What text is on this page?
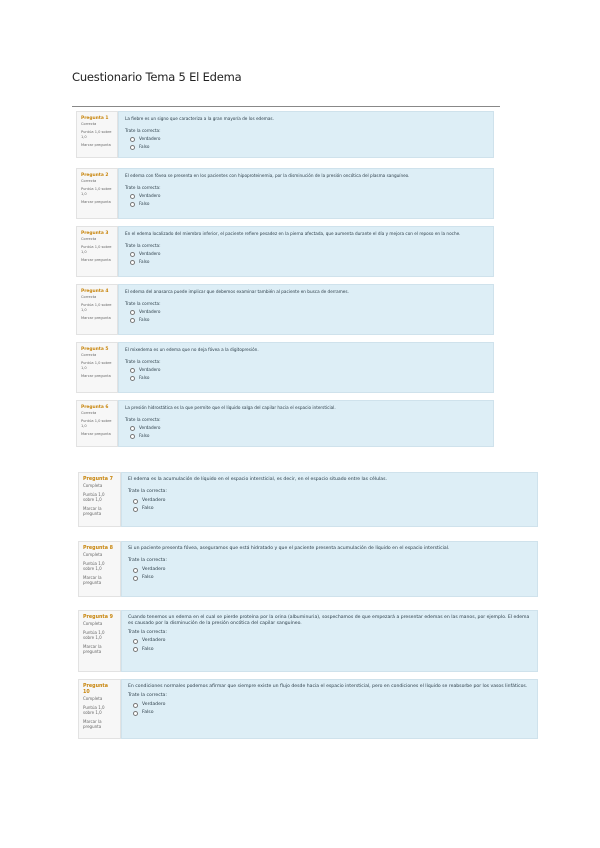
Cuestionario Tema 5 El Edema
Pregunta 1
Correcta
Puntúa 1,0 sobre 1,0
Marcar pregunta
La fiebre es un signo que caracteriza a la gran mayoría de los edemas.
Trate la correcta:
Verdadero
Falso
Pregunta 2
Correcta
Puntúa 1,0 sobre 1,0
Marcar pregunta
El edema con fóvea se presenta en los pacientes con hipoproteinemia, por la disminución de la presión oncótica del plasma sanguíneo.
Trate la correcta:
Verdadero
Falso
Pregunta 3
Correcta
Puntúa 1,0 sobre 1,0
Marcar pregunta
En el edema localizado del miembro inferior, el paciente refiere pesadez en la pierna afectada, que aumenta durante el día y mejora con el reposo en la noche.
Trate la correcta:
Verdadero
Falso
Pregunta 4
Correcta
Puntúa 1,0 sobre 1,0
Marcar pregunta
El edema del anasarca puede implicar que debemos examinar también al paciente en busca de derrames.
Trate la correcta:
Verdadero
Falso
Pregunta 5
Correcta
Puntúa 1,0 sobre 1,0
Marcar pregunta
El mixedema es un edema que no deja fóvea a la digitopresión.
Trate la correcta:
Verdadero
Falso
Pregunta 6
Correcta
Puntúa 1,0 sobre 1,0
Marcar pregunta
La presión hidrostática es la que permite que el líquido salga del capilar hacia el espacio intersticial.
Trate la correcta:
Verdadero
Falso
Pregunta 7
Completa
Puntúa 1,0 sobre 1,0
Marcar la pregunta
El edema es la acumulación de líquido en el espacio intersticial, es decir, en el espacio situado entre las células.
Trate la correcta:
Verdadero
Falso
Pregunta 8
Completa
Puntúa 1,0 sobre 1,0
Marcar la pregunta
Si un paciente presenta fóvea, aseguramos que está hidratado y que el paciente presenta acumulación de líquido en el espacio intersticial.
Trate la correcta:
Verdadero
Falso
Pregunta 9
Completa
Puntúa 1,0 sobre 1,0
Marcar la pregunta
Cuando tenemos un edema en el cual se pierde proteína por la orina (albuminuria), sospechamos de que empezará a presentar edemas en las manos, por ejemplo. El edema es causado por la disminución de la presión oncótica del capilar sanguíneo.
Trate la correcta:
Verdadero
Falso
Pregunta 10
Completa
Puntúa 1,0 sobre 1,0
Marcar la pregunta
En condiciones normales podemos afirmar que siempre existe un flujo desde hacia el espacio intersticial, pero en condiciones el líquido se reabsorbe por los vasos linfáticos.
Trate la correcta:
Verdadero
Falso
